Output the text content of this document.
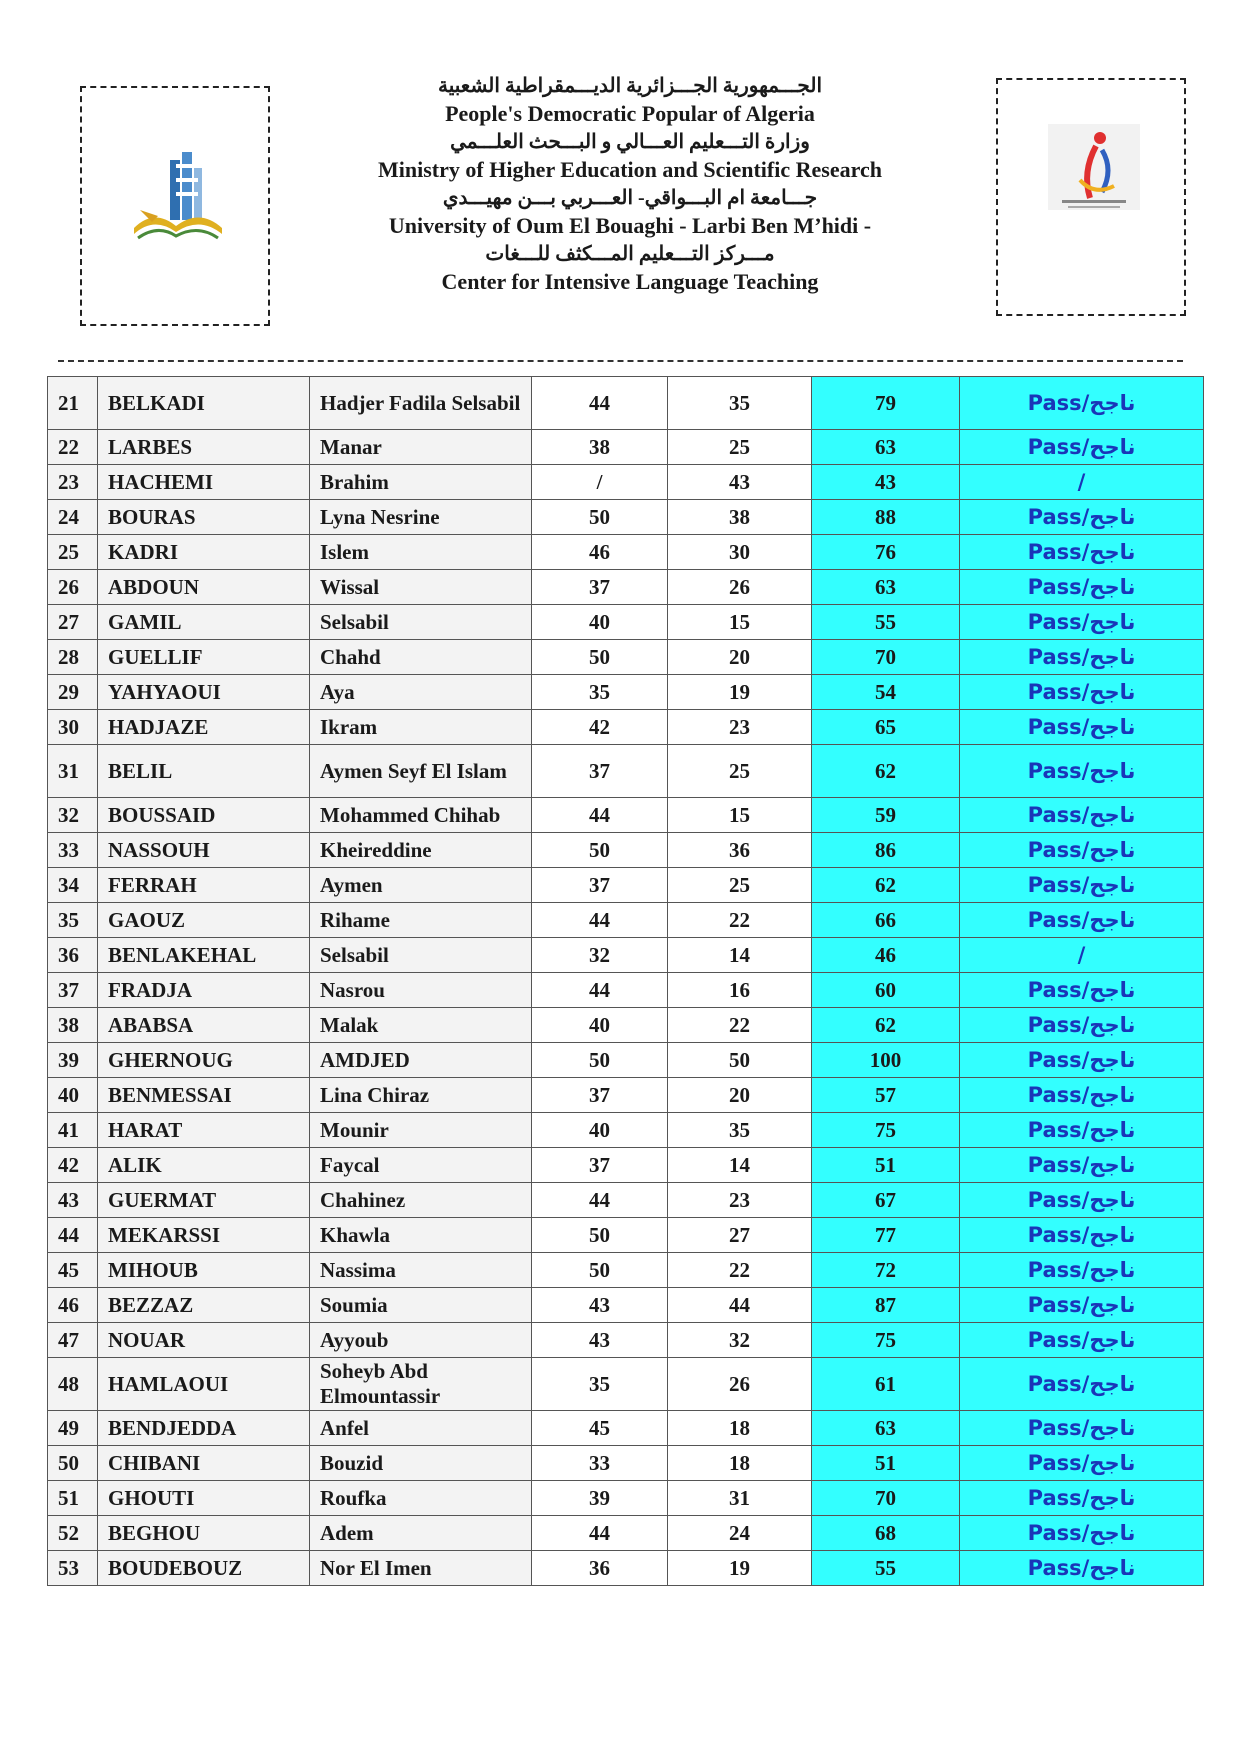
الجـــمهورية الجـــزائرية الديـــمقراطية الشعبية
People's Democratic Popular of Algeria
وزارة التـــعليم العـــالي و البـــحث العلـــمي
Ministry of Higher Education and Scientific Research
جـــامعة ام البـــواقي- العـــربي بـــن مهيـــدي
University of Oum El Bouaghi - Larbi Ben M’hidi -
مـــركز التـــعليم المـــكثف للـــغات
Center for Intensive Language Teaching
21	BELKADI	Hadjer Fadila Selsabil	44	35	79	Pass/ناجح
22	LARBES	Manar	38	25	63	Pass/ناجح
23	HACHEMI	Brahim	/	43	43	/
24	BOURAS	Lyna Nesrine	50	38	88	Pass/ناجح
25	KADRI	Islem	46	30	76	Pass/ناجح
26	ABDOUN	Wissal	37	26	63	Pass/ناجح
27	GAMIL	Selsabil	40	15	55	Pass/ناجح
28	GUELLIF	Chahd	50	20	70	Pass/ناجح
29	YAHYAOUI	Aya	35	19	54	Pass/ناجح
30	HADJAZE	Ikram	42	23	65	Pass/ناجح
31	BELIL	Aymen Seyf El Islam	37	25	62	Pass/ناجح
32	BOUSSAID	Mohammed Chihab	44	15	59	Pass/ناجح
33	NASSOUH	Kheireddine	50	36	86	Pass/ناجح
34	FERRAH	Aymen	37	25	62	Pass/ناجح
35	GAOUZ	Rihame	44	22	66	Pass/ناجح
36	BENLAKEHAL	Selsabil	32	14	46	/
37	FRADJA	Nasrou	44	16	60	Pass/ناجح
38	ABABSA	Malak	40	22	62	Pass/ناجح
39	GHERNOUG	AMDJED	50	50	100	Pass/ناجح
40	BENMESSAI	Lina Chiraz	37	20	57	Pass/ناجح
41	HARAT	Mounir	40	35	75	Pass/ناجح
42	ALIK	Faycal	37	14	51	Pass/ناجح
43	GUERMAT	Chahinez	44	23	67	Pass/ناجح
44	MEKARSSI	Khawla	50	27	77	Pass/ناجح
45	MIHOUB	Nassima	50	22	72	Pass/ناجح
46	BEZZAZ	Soumia	43	44	87	Pass/ناجح
47	NOUAR	Ayyoub	43	32	75	Pass/ناجح
48	HAMLAOUI	Soheyb Abd Elmountassir	35	26	61	Pass/ناجح
49	BENDJEDDA	Anfel	45	18	63	Pass/ناجح
50	CHIBANI	Bouzid	33	18	51	Pass/ناجح
51	GHOUTI	Roufka	39	31	70	Pass/ناجح
52	BEGHOU	Adem	44	24	68	Pass/ناجح
53	BOUDEBOUZ	Nor El Imen	36	19	55	Pass/ناجح
